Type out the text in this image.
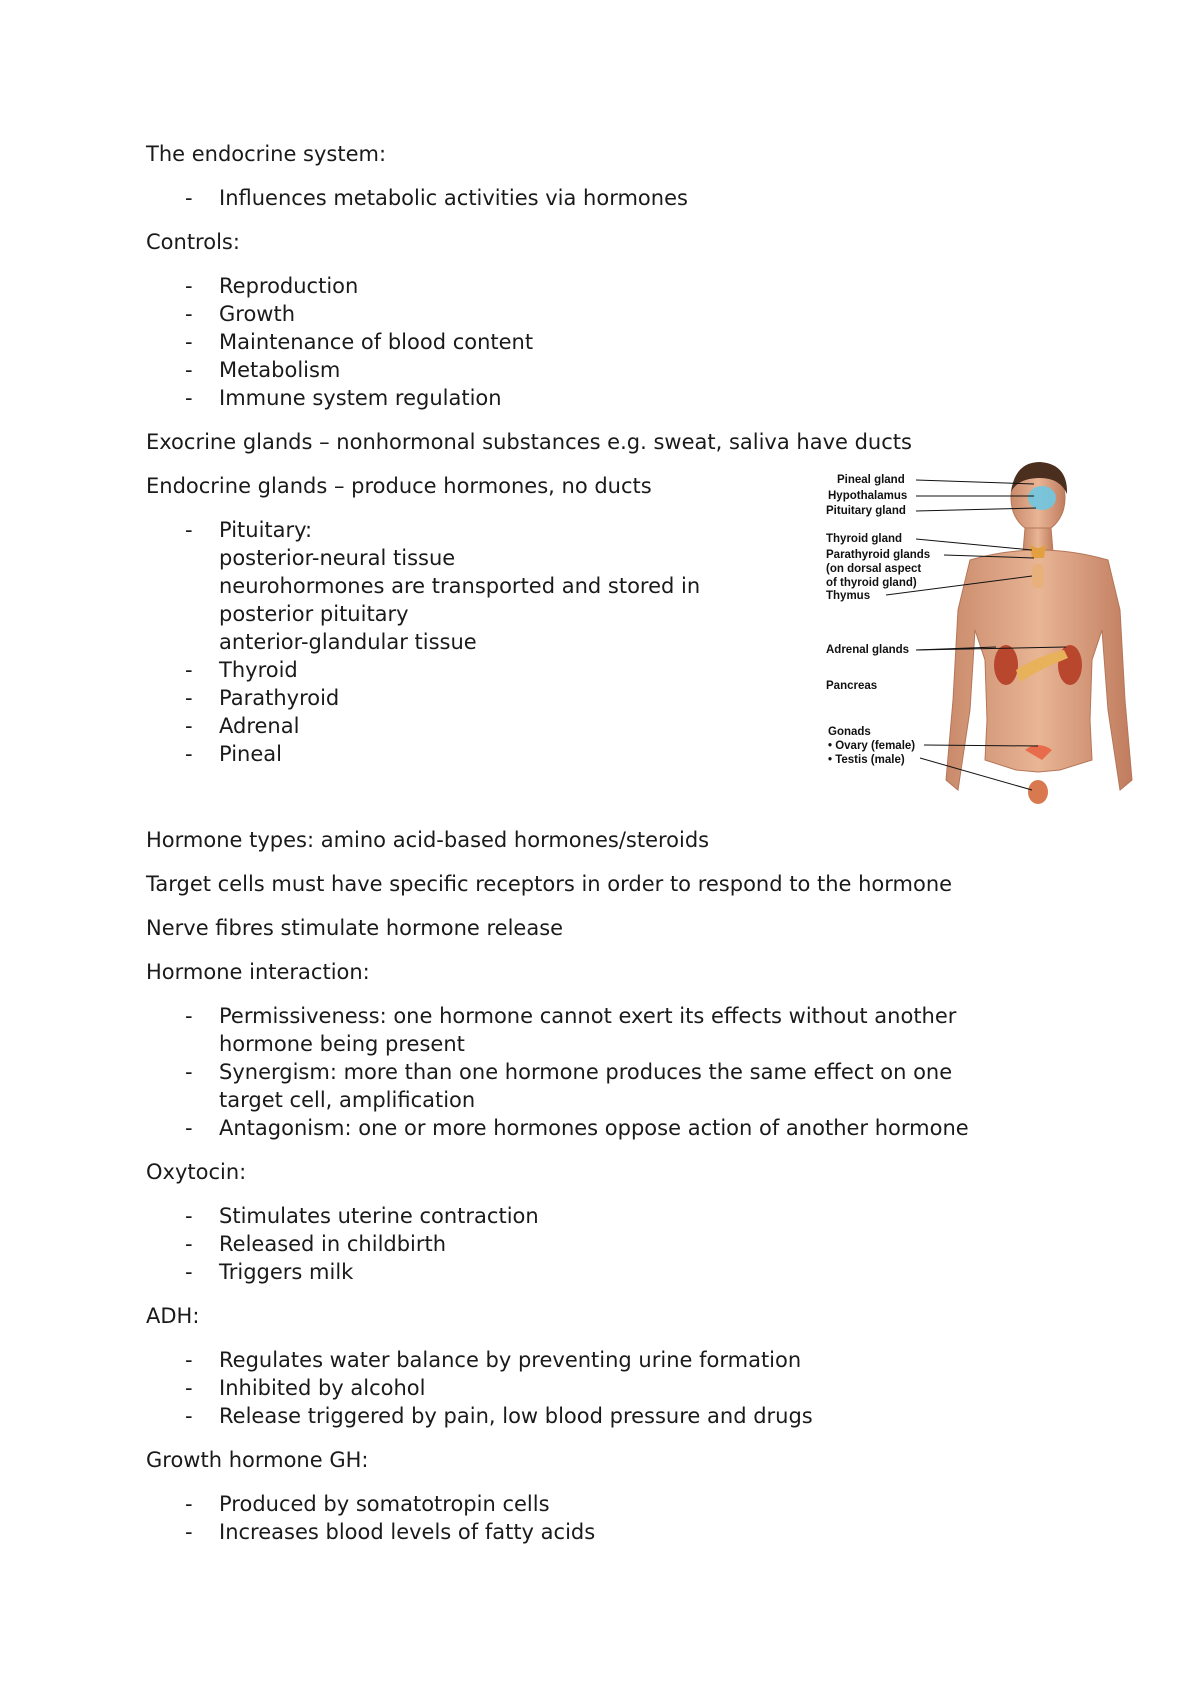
The endocrine system:

- Influences metabolic activities via hormones

Controls:

- Reproduction
- Growth
- Maintenance of blood content
- Metabolism
- Immune system regulation

Exocrine glands – nonhormonal substances e.g. sweat, saliva have ducts

Endocrine glands – produce hormones, no ducts

- Pituitary:
posterior-neural tissue
neurohormones are transported and stored in
posterior pituitary
anterior-glandular tissue
- Thyroid
- Parathyroid
- Adrenal
- Pineal

Hormone types: amino acid-based hormones/steroids

Target cells must have specific receptors in order to respond to the hormone

Nerve fibres stimulate hormone release

Hormone interaction:

- Permissiveness: one hormone cannot exert its effects without another hormone being present
- Synergism: more than one hormone produces the same effect on one target cell, amplification
- Antagonism: one or more hormones oppose action of another hormone

Oxytocin:

- Stimulates uterine contraction
- Released in childbirth
- Triggers milk

ADH:

- Regulates water balance by preventing urine formation
- Inhibited by alcohol
- Release triggered by pain, low blood pressure and drugs

Growth hormone GH:

- Produced by somatotropin cells
- Increases blood levels of fatty acids
Pineal gland
Hypothalamus
Pituitary gland
Thyroid gland
Parathyroid glands
(on dorsal aspect
of thyroid gland)
Thymus
Adrenal glands
Pancreas
Gonads
• Ovary (female)
• Testis (male)
